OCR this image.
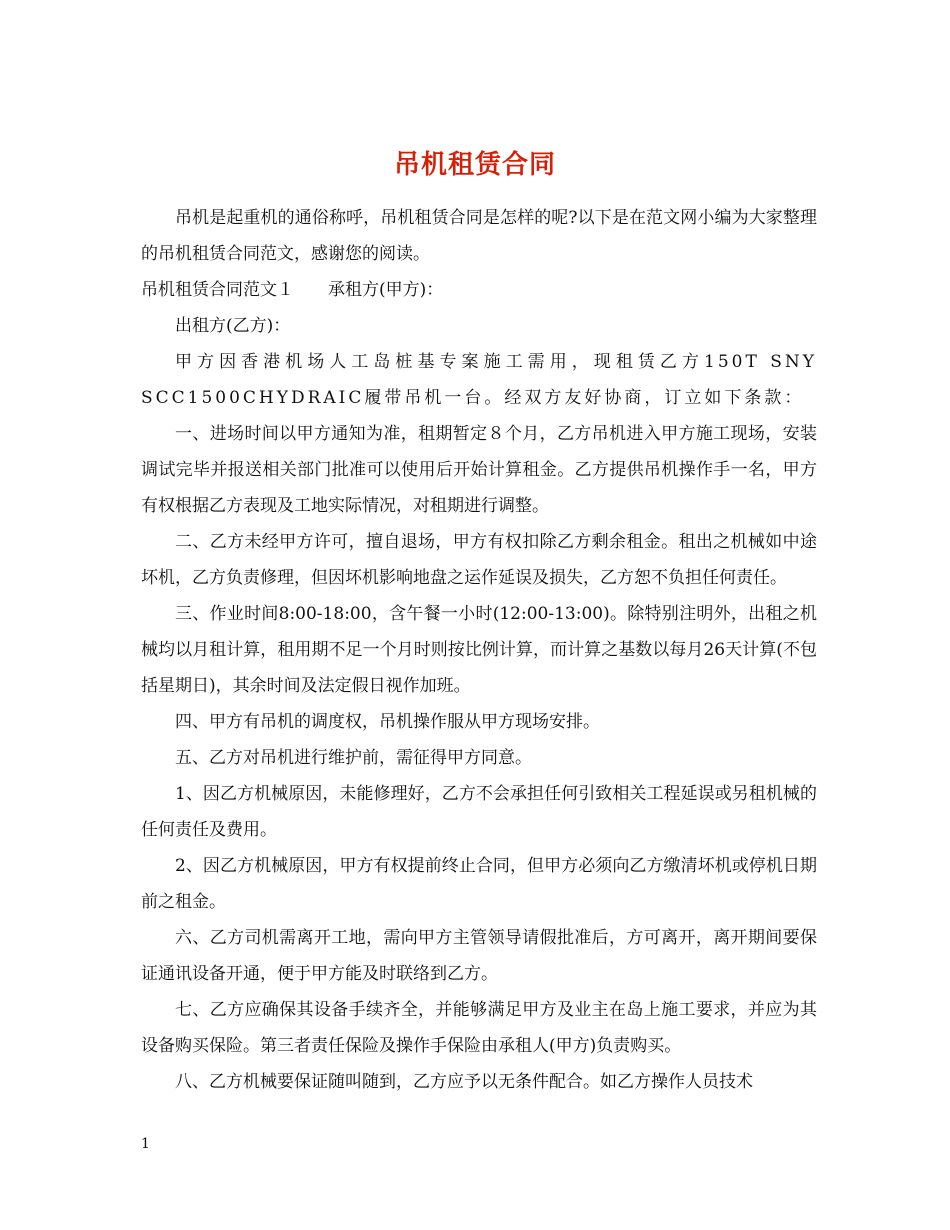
吊机租赁合同

吊机是起重机的通俗称呼，吊机租赁合同是怎样的呢?以下是在范文网小编为大家整理的吊机租赁合同范文，感谢您的阅读。

吊机租赁合同范文１　　承租方(甲方)：

出租方(乙方)：

甲方因香港机场人工岛桩基专案施工需用，现租赁乙方150T SNY SCC1500CHYDRAIC履带吊机一台。经双方友好协商，订立如下条款：

一、进场时间以甲方通知为准，租期暂定８个月，乙方吊机进入甲方施工现场，安装调试完毕并报送相关部门批准可以使用后开始计算租金。乙方提供吊机操作手一名，甲方有权根据乙方表现及工地实际情况，对租期进行调整。

二、乙方未经甲方许可，擅自退场，甲方有权扣除乙方剩余租金。租出之机械如中途坏机，乙方负责修理，但因坏机影响地盘之运作延误及损失，乙方恕不负担任何责任。

三、作业时间8:00-18:00，含午餐一小时(12:00-13:00)。除特别注明外，出租之机械均以月租计算，租用期不足一个月时则按比例计算，而计算之基数以每月26天计算(不包括星期日)，其余时间及法定假日视作加班。

四、甲方有吊机的调度权，吊机操作服从甲方现场安排。

五、乙方对吊机进行维护前，需征得甲方同意。

1、因乙方机械原因，未能修理好，乙方不会承担任何引致相关工程延误或另租机械的任何责任及费用。

2、因乙方机械原因，甲方有权提前终止合同，但甲方必须向乙方缴清坏机或停机日期前之租金。

六、乙方司机需离开工地，需向甲方主管领导请假批准后，方可离开，离开期间要保证通讯设备开通，便于甲方能及时联络到乙方。

七、乙方应确保其设备手续齐全，并能够满足甲方及业主在岛上施工要求，并应为其设备购买保险。第三者责任保险及操作手保险由承租人(甲方)负责购买。

八、乙方机械要保证随叫随到，乙方应予以无条件配合。如乙方操作人员技术

1
